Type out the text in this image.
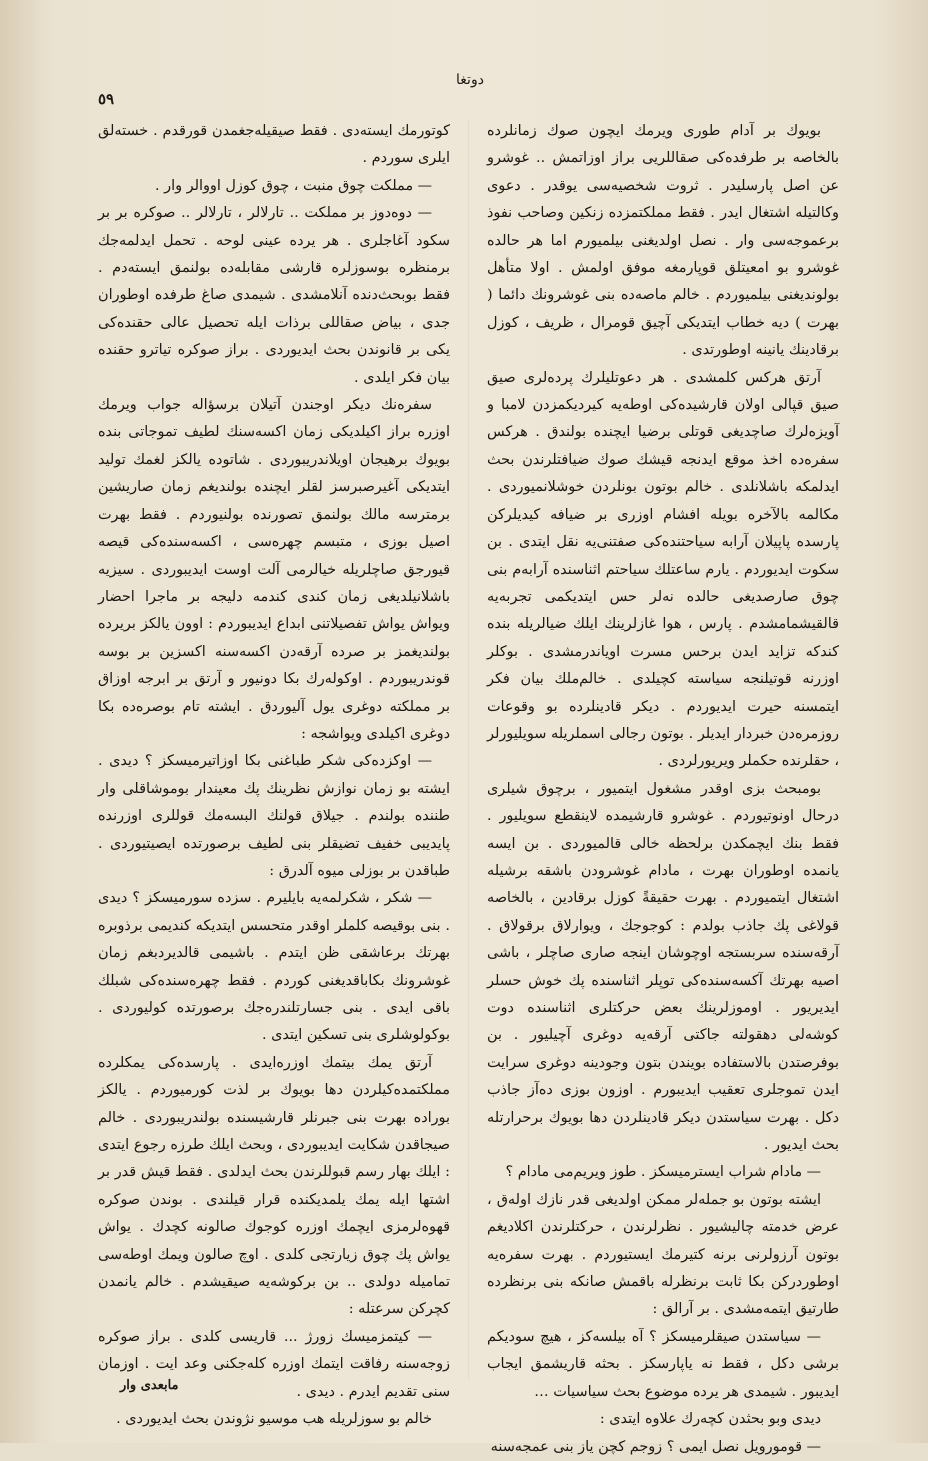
دوتغا
٥٩

بويوك بر آدام طورى ويرمك ايچون صوك زمانلرده بالخاصه بر طرفده‌كى صقاللريى براز اوزاتمش .. غوشرو عن اصل پارسليدر . ثروت شخصيه‌سى يوقدر . دعوى وكالتيله اشتغال ايدر . فقط مملكتمزده زنكين وصاحب نفوذ برعموجه‌سى وار . نصل اولديغنى بيلميورم اما هر حالده غوشرو بو امعيتلق قوپارمغه موفق اولمش . اولا متأهل بولونديغنى بيلميوردم . خالم ماصه‌ده بنى غوشرونك دائما ( بهرت ) ديه خطاب ايتديكى آچيق قومرال ، ظريف ، كوزل برقادينك يانينه اوطورتدى .

آرتق هركس كلمشدى . هر دعوتليلرك پرده‌لرى صيق صيق قپالى اولان قارشيده‌كى اوطه‌يه كيرديكمزدن لامبا و آويزه‌لرك صاچديغى قوتلى برضيا ايچنده بولندق . هركس سفره‌ده اخذ موقع ايدنجه قيشك صوك ضيافتلرندن بحث ايدلمكه باشلانلدى . خالم بوتون بونلردن خوشلانميوردى . مكالمه بالآخره بويله افشام اوزرى بر ضيافه كيديلركن پارسده پاپيلان آرابه سياحتنده‌كى صفتنى‌يه نقل ايتدى . بن سكوت ايديوردم . يارم ساعتلك سياحتم اثناسنده آرابه‌م بنى چوق صارصديغى حالده نه‌لر حس ايتديكمى تجربه‌يه قالقيشمامشدم . پارس ، هوا غازلرينك ايلك ضيالريله بنده كندكه تزايد ايدن برحس مسرت اوياندرمشدى . بوكلر اوزرنه قوتيلنجه سياسته كچيلدى . خالم‌ملك بيان فكر ايتمسنه حيرت ايديوردم . ديكر قادينلرده بو وقوعات روزمره‌دن خبردار ايديلر . بوتون رجالى اسملريله سويليورلر ، حقلرنده حكملر ويريورلردى .

بومبحث بزى اوقدر مشغول ايتميور ، برچوق شيلرى درحال اونوتيوردم . غوشرو قارشيمده لاينقطع سويليور . فقط بنك ايچمكدن برلحظه خالى قالميوردى . بن ايسه يانمده اوطوران بهرت ، مادام غوشرودن باشقه برشيله اشتغال ايتميوردم . بهرت حقيقةً كوزل برقادين ، بالخاصه قولاغى پك جاذب بولدم : كوجوجك ، ويوارلاق برقولاق . آرقه‌سنده سربستجه اوچوشان اينجه صارى صاچلر ، باشى اصيه بهرتك آكسه‌سنده‌كى توپلر اثناسنده پك خوش حسلر ايديريور . اوموزلرينك بعض حركتلرى اثناسنده دوت كوشه‌لى دهقولته جاكتى آرقه‌يه دوغرى آچيليور . بن بوفرصتدن بالاستفاده بويندن بتون وجودينه دوغرى سرايت ايدن تموجلرى تعقيب ايديبورم . اوزون بوزى ده‌آز جاذب دكل . بهرت سياستدن ديكر قادينلردن دها بويوك برحرارتله بحث ايديور .

— مادام شراب ايسترميسكز . طوز ويريم‌مى مادام ؟

ايشته بوتون بو جمله‌لر ممكن اولديغى قدر نازك اوله‌ق ، عرض خدمته چاليشيور . نظرلرندن ، حركتلرندن اكلاديغم بوتون آرزولرنى برنه كتيرمك ايستيوردم . بهرت سفره‌يه اوطوردركن بكا ثابت برنظرله باقمش صانكه بنى برنظرده طارتيق ايتمه‌مشدى . بر آرالق :

— سياستدن صيقلرميسكز ؟ آه بيلسه‌كز ، هيچ سوديكم برشى دكل ، فقط نه ياپارسكز . بحثه قاريشمق ايجاب ايديبور . شيمدى هر يرده موضوع بحث سياسيات …

ديدى وبو بحثدن كچه‌رك علاوه ايتدى :

— قومورويل نصل ايمى ؟ زوجم كچن ياز بنى عمجه‌سنه

كوتورمك ايسته‌دى . فقط صيقيله‌جغمدن قورقدم . خسته‌لق ايلرى سوردم .

— مملكت چوق منبت ، چوق كوزل اووالر وار .

— دوه‌دوز بر مملكت .. تارلالر ، تارلالر .. صوكره بر بر سكود آغاجلرى . هر يرده عينى لوحه . تحمل ايدلمه‌جك برمنظره بوسوزلره قارشى مقابله‌ده بولنمق ايسته‌دم . فقط بوبحث‌دنده آنلامشدى . شيمدى صاغ طرفده اوطوران جدى ، بياض صقاللى برذات ايله تحصيل عالى حقنده‌كى يكى بر قانوندن بحث ايديوردى . براز صوكره تياترو حقنده بيان فكر ايلدى .

سفره‌نك ديكر اوجندن آتيلان برسؤاله جواب ويرمك اوزره براز اكيلديكى زمان اكسه‌سنك لطيف تموجاتى بنده بويوك برهيجان اويلاندريبوردى . شاتوده يالكز لغمك توليد ايتديكى آغيرصبرسز لقلر ايچنده بولنديغم زمان صاريشين برمترسه مالك بولنمق تصورنده بولنيوردم . فقط بهرت اصيل بوزى ، متبسم چهره‌سى ، اكسه‌سنده‌كى قيصه قيورجق صاچلريله خيالرمى آلت اوست ايديبوردى . سيزيه باشلانيلديغى زمان كندى كندمه دليجه بر ماجرا احضار ويواش يواش تفصيلاتنى ابداع ايديبوردم : اوون يالكز بريرده بولنديغمز بر صرده آرقه‌دن اكسه‌سنه اكسزين بر بوسه قوندريبوردم . اوكوله‌رك بكا دونيور و آرتق بر ابرجه اوزاق بر مملكته دوغرى يول آليوردق . ايشته تام بوصره‌ده بكا دوغرى اكيلدى ويواشجه :

— اوكزده‌كى شكر طباغنى بكا اوزاتيرميسكز ؟ ديدى . ايشته بو زمان نوازش نظرينك پك معيندار بوموشاقلى وار طننده بولندم . جيلاق قولنك البسه‌مك قوللرى اوزرنده پايديبى خفيف تضيقلر بنى لطيف برصورتده ايصيتيوردى . طباقدن بر بوزلى ميوه آلدرق :

— شكر ، شكرلمه‌يه بايليرم . سزده سورميسكز ؟ ديدى . بنى بوقيصه كلملر اوقدر متحسس ايتديكه كنديمى برذوبره بهرتك برعاشقى ظن ايتدم . باشيمى قالديردبغم زمان غوشرونك بكاباقديغنى كوردم . فقط چهره‌سنده‌كى شبلك باقى ايدى . بنى جسارتلندره‌جك برصورتده كوليوردى . بوكولوشلرى بنى تسكين ايتدى .

آرتق يمك بيتمك اوزره‌ايدى . پارسده‌كى يمكلرده مملكتمده‌كيلردن دها بويوك بر لذت كورميوردم . يالكز بوراده بهرت بنى جبرنلر قارشيسنده بولندريبوردى . خالم صيجاقدن شكايت ايديبوردى ، وبحث ايلك طرزه رجوع ايتدى : ايلك بهار رسم قبوللرندن بحث ايدلدى . فقط قيش قدر بر اشتها ايله يمك يلمديكنده قرار قيلندى . بوندن صوكره قهوه‌لرمزى ايچمك اوزره كوجوك صالونه كچدك . يواش يواش پك چوق زيارتجى كلدى . اوچ صالون ويمك اوطه‌سى تماميله دولدى .. بن بركوشه‌يه صيقيشدم . خالم يانمدن كچركن سرعتله :

— كيتمزميسك زورژ ... قاريسى كلدى . براز صوكره زوجه‌سنه رفاقت ايتمك اوزره كله‌جكنى وعد ايت . اوزمان سنى تقديم ايدرم . ديدى .

خالم بو سوزلريله هب موسيو نژوندن بحث ايديوردى .

مابعدى وار
